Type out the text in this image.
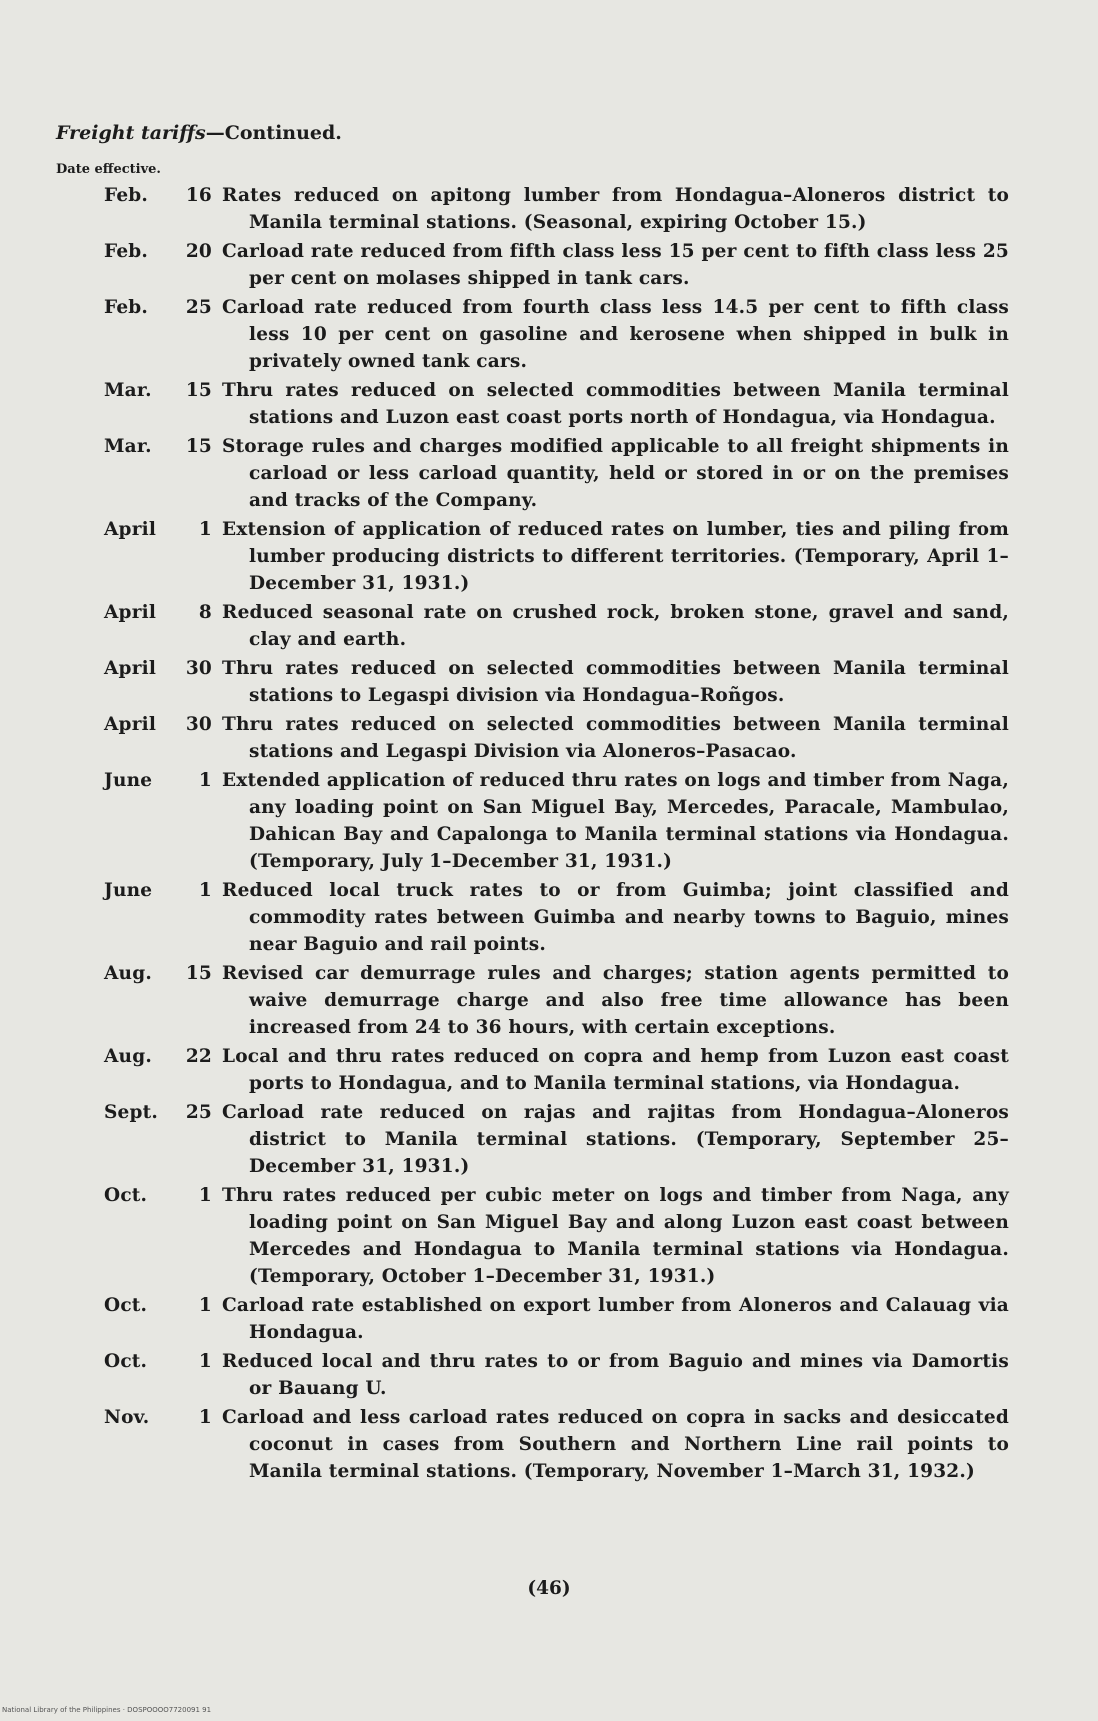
Freight tariffs—Continued.
Date effective.
Feb. 16 Rates reduced on apitong lumber from Hondagua–Aloneros district to Manila terminal stations. (Seasonal, expiring October 15.)
Feb. 20 Carload rate reduced from fifth class less 15 per cent to fifth class less 25 per cent on molases shipped in tank cars.
Feb. 25 Carload rate reduced from fourth class less 14.5 per cent to fifth class less 10 per cent on gasoline and kerosene when shipped in bulk in privately owned tank cars.
Mar. 15 Thru rates reduced on selected commodities between Manila terminal stations and Luzon east coast ports north of Hondagua, via Hondagua.
Mar. 15 Storage rules and charges modified applicable to all freight shipments in carload or less carload quantity, held or stored in or on the premises and tracks of the Company.
April 1 Extension of application of reduced rates on lumber, ties and piling from lumber producing districts to different territories. (Temporary, April 1–December 31, 1931.)
April 8 Reduced seasonal rate on crushed rock, broken stone, gravel and sand, clay and earth.
April 30 Thru rates reduced on selected commodities between Manila terminal stations to Legaspi division via Hondagua–Roñgos.
April 30 Thru rates reduced on selected commodities between Manila terminal stations and Legaspi Division via Aloneros–Pasacao.
June	1 Extended application of reduced thru rates on logs and timber from Naga, any loading point on San Miguel Bay, Mercedes, Paracale, Mambulao, Dahican Bay and Capalonga to Manila terminal stations via Hondagua. (Temporary, July 1–December 31, 1931.)
June	1 Reduced local truck rates to or from Guimba; joint classified and commodity rates between Guimba and nearby towns to Baguio, mines near Baguio and rail points.
Aug. 15 Revised car demurrage rules and charges; station agents permitted to waive demurrage charge and also free time allowance has been increased from 24 to 36 hours, with certain exceptions.
Aug. 22 Local and thru rates reduced on copra and hemp from Luzon east coast ports to Hondagua, and to Manila terminal stations, via Hondagua.
Sept. 25 Carload rate reduced on rajas and rajitas from Hondagua–Aloneros district to Manila terminal stations. (Temporary, September 25–December 31, 1931.)
Oct.	1 Thru rates reduced per cubic meter on logs and timber from Naga, any loading point on San Miguel Bay and along Luzon east coast between Mercedes and Hondagua to Manila terminal stations via Hondagua. (Temporary, October 1–December 31, 1931.)
Oct.	1 Carload rate established on export lumber from Aloneros and Calauag via Hondagua.
Oct.	1 Reduced local and thru rates to or from Baguio and mines via Damortis or Bauang U.
Nov.	1 Carload and less carload rates reduced on copra in sacks and desiccated coconut in cases from Southern and Northern Line rail points to Manila terminal stations. (Temporary, November 1–March 31, 1932.)
(46)
National Library of the Philippines · DOSPOOOO7720091 91
